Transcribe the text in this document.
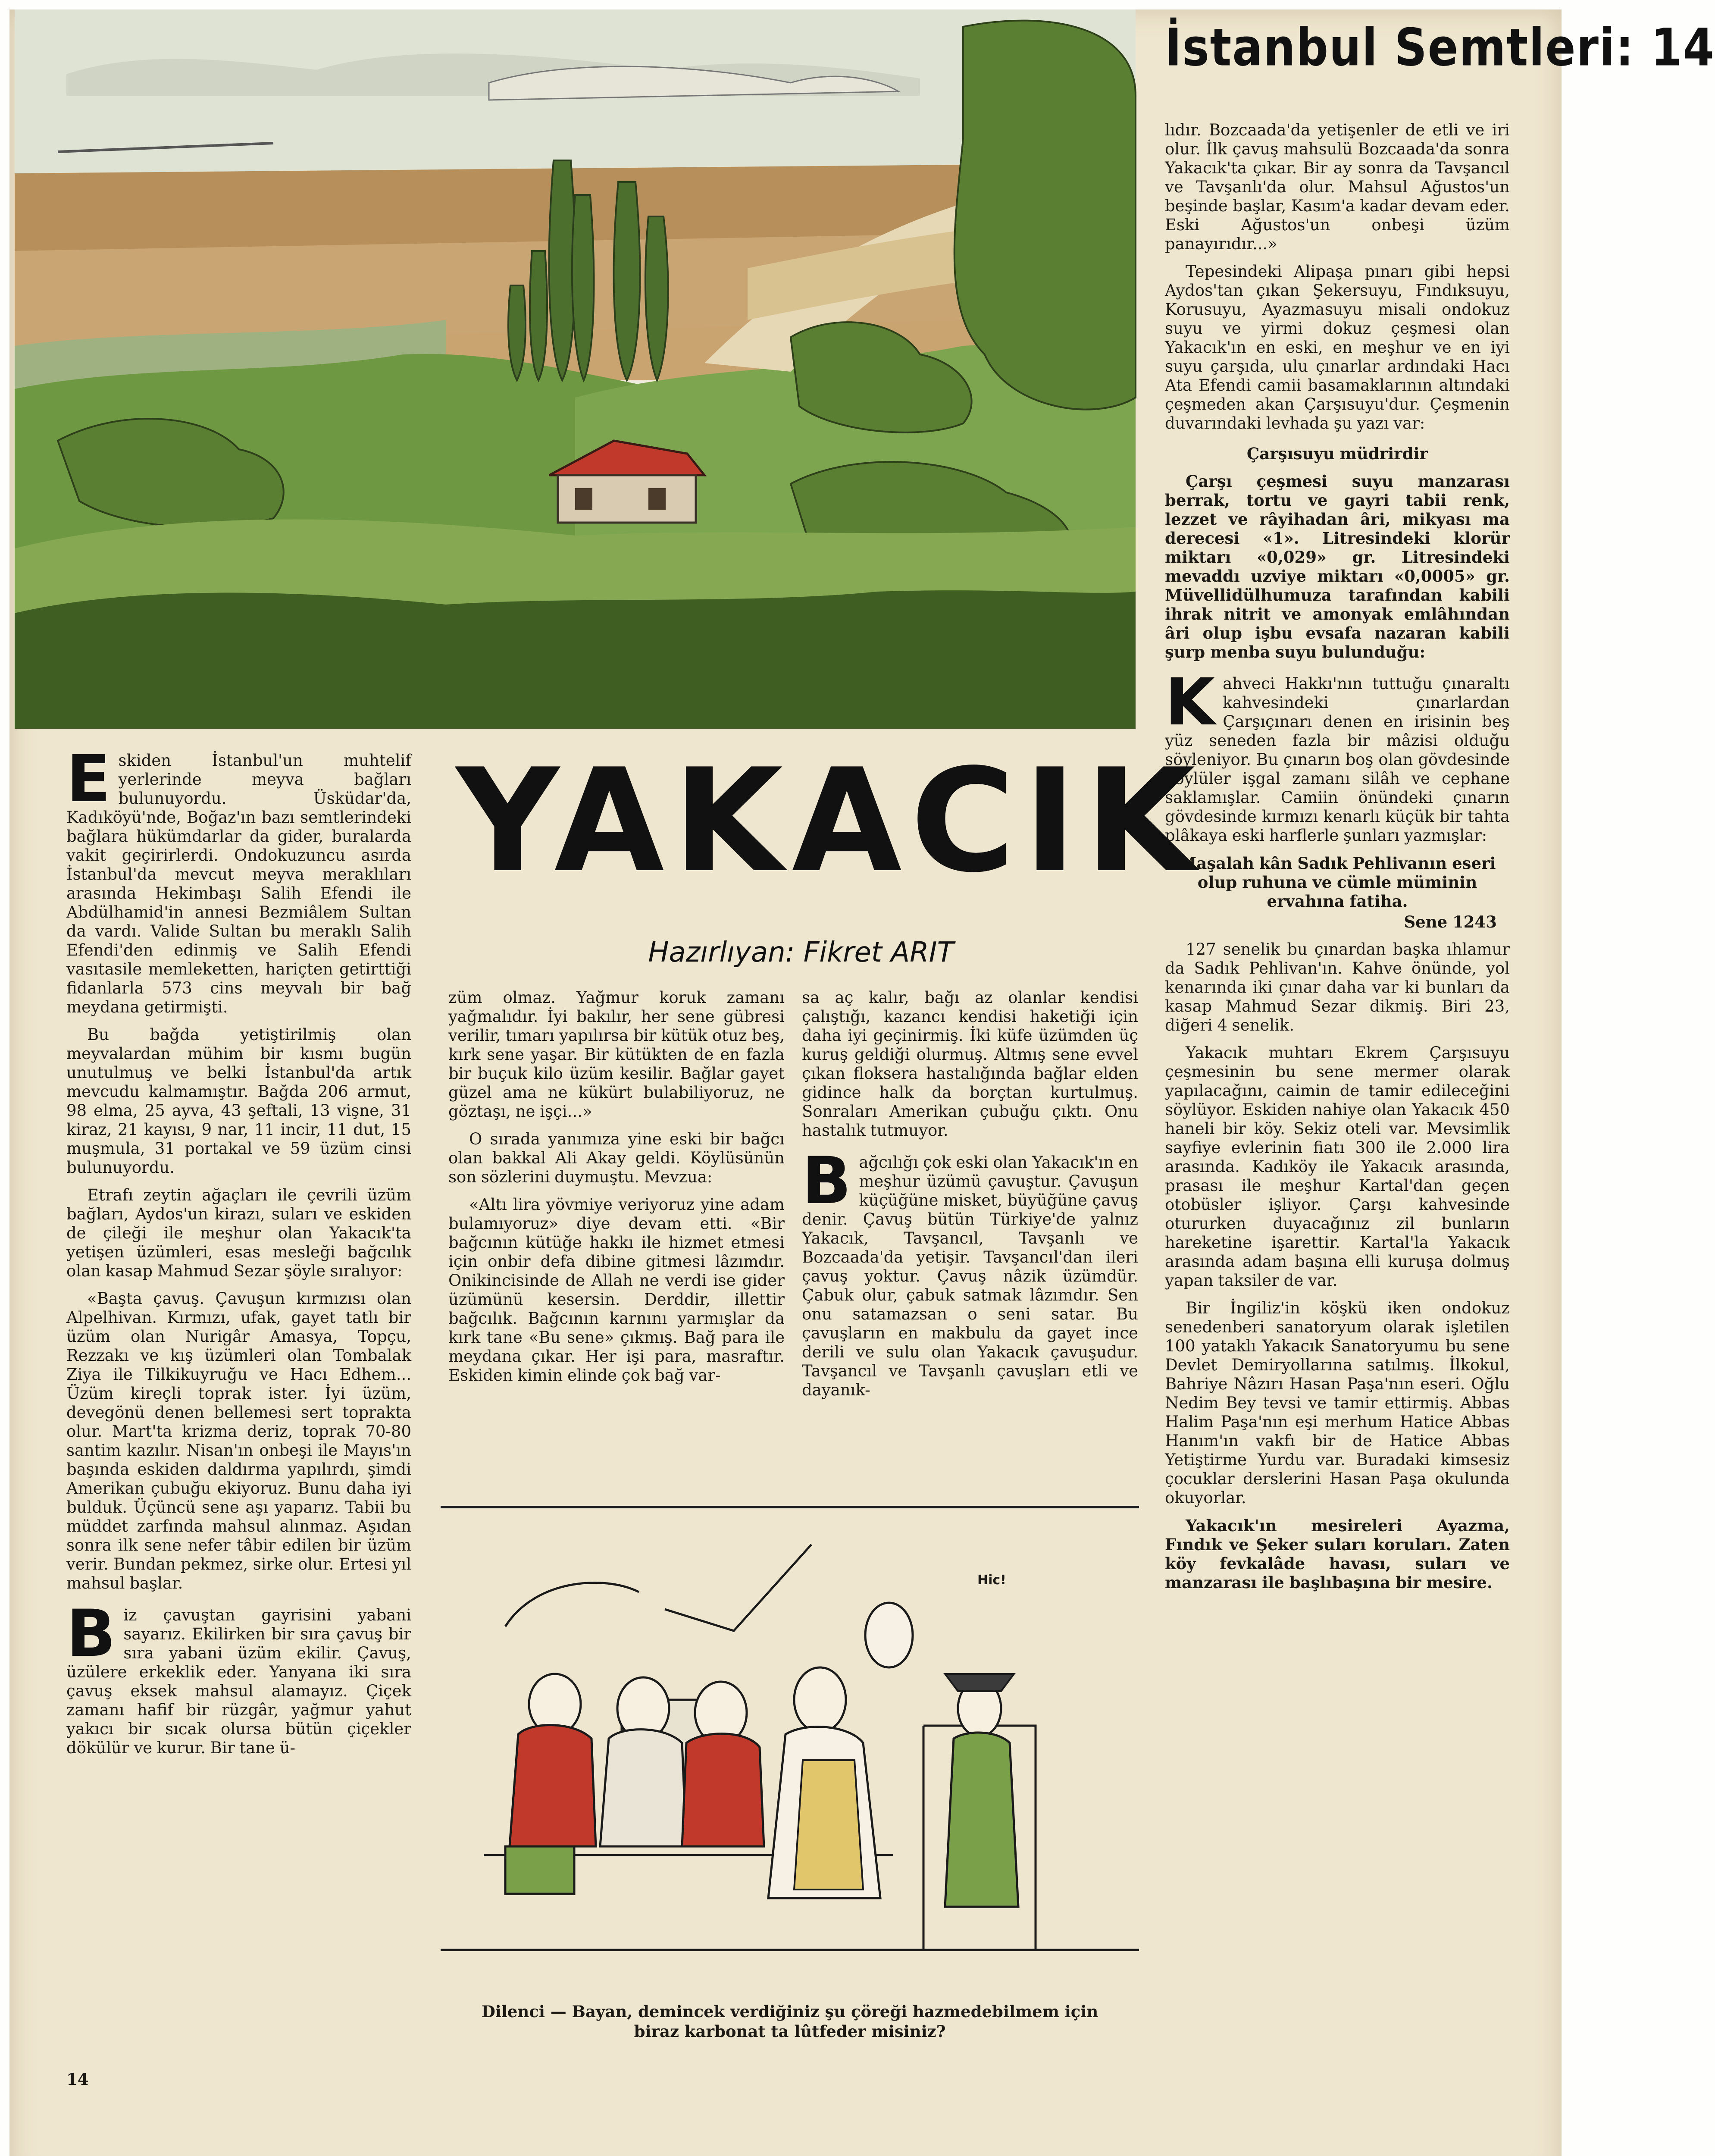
İstanbul Semtleri: 14

lıdır. Bozcaada'da yetişenler de etli ve iri olur. İlk çavuş mahsulü Bozcaada'da sonra Yakacık'ta çıkar. Bir ay sonra da Tavşancıl ve Tavşanlı'da olur. Mahsul Ağustos'un beşinde başlar, Kasım'a kadar devam eder. Eski Ağustos'un onbeşi üzüm panayırıdır...»

Tepesindeki Alipaşa pınarı gibi hepsi Aydos'tan çıkan Şekersuyu, Fındıksuyu, Korusuyu, Ayazmasuyu misali ondokuz suyu ve yirmi dokuz çeşmesi olan Yakacık'ın en eski, en meşhur ve en iyi suyu çarşıda, ulu çınarlar ardındaki Hacı Ata Efendi camii basamaklarının altındaki çeşmeden akan Çarşısuyu'dur. Çeşmenin duvarındaki levhada şu yazı var:

Çarşısuyu müdrirdir

Çarşı çeşmesi suyu manzarası berrak, tortu ve gayri tabii renk, lezzet ve râyihadan âri, mikyası ma derecesi «1». Litresindeki klorür miktarı «0,029» gr. Litresindeki mevaddı uzviye miktarı «0,0005» gr. Müvellidülhumuza tarafından kabili ihrak nitrit ve amonyak emlâhından âri olup işbu evsafa nazaran kabili şurp menba suyu bulunduğu:

Kahveci Hakkı'nın tuttuğu çınaraltı kahvesindeki çınarlardan Çarşıçınarı denen en irisinin beş yüz seneden fazla bir mâzisi olduğu söyleniyor. Bu çınarın boş olan gövdesinde köylüler işgal zamanı silâh ve cephane saklamışlar. Camiin önündeki çınarın gövdesinde kırmızı kenarlı küçük bir tahta plâkaya eski harflerle şunları yazmışlar:

Maşalah kân Sadık Pehlivanın eseri olup ruhuna ve cümle müminin ervahına fatiha.

Sene 1243

127 senelik bu çınardan başka ıhlamur da Sadık Pehlivan'ın. Kahve önünde, yol kenarında iki çınar daha var ki bunları da kasap Mahmud Sezar dikmiş. Biri 23, diğeri 4 senelik.

Yakacık muhtarı Ekrem Çarşısuyu çeşmesinin bu sene mermer olarak yapılacağını, caimin de tamir edileceğini söylüyor. Eskiden nahiye olan Yakacık 450 haneli bir köy. Sekiz oteli var. Mevsimlik sayfiye evlerinin fiatı 300 ile 2.000 lira arasında. Kadıköy ile Yakacık arasında, prasası ile meşhur Kartal'dan geçen otobüsler işliyor. Çarşı kahvesinde otururken duyacağınız zil bunların hareketine işarettir. Kartal'la Yakacık arasında adam başına elli kuruşa dolmuş yapan taksiler de var.

Bir İngiliz'in köşkü iken ondokuz senedenberi sanatoryum olarak işletilen 100 yataklı Yakacık Sanatoryumu bu sene Devlet Demiryollarına satılmış. İlkokul, Bahriye Nâzırı Hasan Paşa'nın eseri. Oğlu Nedim Bey tevsi ve tamir ettirmiş. Abbas Halim Paşa'nın eşi merhum Hatice Abbas Hanım'ın vakfı bir de Hatice Abbas Yetiştirme Yurdu var. Buradaki kimsesiz çocuklar derslerini Hasan Paşa okulunda okuyorlar.

Yakacık'ın mesireleri Ayazma, Fındık ve Şeker suları koruları. Zaten köy fevkalâde havası, suları ve manzarası ile başlıbaşına bir mesire.

YAKACIK
Hazırlıyan: Fikret ARIT

Eskiden İstanbul'un muhtelif yerlerinde meyva bağları bulunuyordu. Üsküdar'da, Kadıköyü'nde, Boğaz'ın bazı semtlerindeki bağlara hükümdarlar da gider, buralarda vakit geçirirlerdi. Ondokuzuncu asırda İstanbul'da mevcut meyva meraklıları arasında Hekimbaşı Salih Efendi ile Abdülhamid'in annesi Bezmiâlem Sultan da vardı. Valide Sultan bu meraklı Salih Efendi'den edinmiş ve Salih Efendi vasıtasile memleketten, hariçten getirttiği fidanlarla 573 cins meyvalı bir bağ meydana getirmişti.

Bu bağda yetiştirilmiş olan meyvalardan mühim bir kısmı bugün unutulmuş ve belki İstanbul'da artık mevcudu kalmamıştır. Bağda 206 armut, 98 elma, 25 ayva, 43 şeftali, 13 vişne, 31 kiraz, 21 kayısı, 9 nar, 11 incir, 11 dut, 15 muşmula, 31 portakal ve 59 üzüm cinsi bulunuyordu.

Etrafı zeytin ağaçları ile çevrili üzüm bağları, Aydos'un kirazı, suları ve eskiden de çileği ile meşhur olan Yakacık'ta yetişen üzümleri, esas mesleği bağcılık olan kasap Mahmud Sezar şöyle sıralıyor:

«Başta çavuş. Çavuşun kırmızısı olan Alpelhivan. Kırmızı, ufak, gayet tatlı bir üzüm olan Nurigâr Amasya, Topçu, Rezzakı ve kış üzümleri olan Tombalak Ziya ile Tilkikuyruğu ve Hacı Edhem... Üzüm kireçli toprak ister. İyi üzüm, devegönü denen bellemesi sert toprakta olur. Mart'ta krizma deriz, toprak 70-80 santim kazılır. Nisan'ın onbeşi ile Mayıs'ın başında eskiden daldırma yapılırdı, şimdi Amerikan çubuğu ekiyoruz. Bunu daha iyi bulduk. Üçüncü sene aşı yaparız. Tabii bu müddet zarfında mahsul alınmaz. Aşıdan sonra ilk sene nefer tâbir edilen bir üzüm verir. Bundan pekmez, sirke olur. Ertesi yıl mahsul başlar.

Biz çavuştan gayrisini yabani sayarız. Ekilirken bir sıra çavuş bir sıra yabani üzüm ekilir. Çavuş, üzülere erkeklik eder. Yanyana iki sıra çavuş eksek mahsul alamayız. Çiçek zamanı hafif bir rüzgâr, yağmur yahut yakıcı bir sıcak olursa bütün çiçekler dökülür ve kurur. Bir tane ü-

züm olmaz. Yağmur koruk zamanı yağmalıdır. İyi bakılır, her sene gübresi verilir, tımarı yapılırsa bir kütük otuz beş, kırk sene yaşar. Bir kütükten de en fazla bir buçuk kilo üzüm kesilir. Bağlar gayet güzel ama ne kükürt bulabiliyoruz, ne göztaşı, ne işçi...»

O sırada yanımıza yine eski bir bağcı olan bakkal Ali Akay geldi. Köylüsünün son sözlerini duymuştu. Mevzua:

«Altı lira yövmiye veriyoruz yine adam bulamıyoruz» diye devam etti. «Bir bağcının kütüğe hakkı ile hizmet etmesi için onbir defa dibine gitmesi lâzımdır. Onikincisinde de Allah ne verdi ise gider üzümünü kesersin. Derddir, illettir bağcılık. Bağcının karnını yarmışlar da kırk tane «Bu sene» çıkmış. Bağ para ile meydana çıkar. Her işi para, masraftır. Eskiden kimin elinde çok bağ var-

sa aç kalır, bağı az olanlar kendisi çalıştığı, kazancı kendisi haketiği için daha iyi geçinirmiş. İki küfe üzümden üç kuruş geldiği olurmuş. Altmış sene evvel çıkan floksera hastalığında bağlar elden gidince halk da borçtan kurtulmuş. Sonraları Amerikan çubuğu çıktı. Onu hastalık tutmuyor.

Bağcılığı çok eski olan Yakacık'ın en meşhur üzümü çavuştur. Çavuşun küçüğüne misket, büyüğüne çavuş denir. Çavuş bütün Türkiye'de yalnız Yakacık, Tavşancıl, Tavşanlı ve Bozcaada'da yetişir. Tavşancıl'dan ileri çavuş yoktur. Çavuş nâzik üzümdür. Çabuk olur, çabuk satmak lâzımdır. Sen onu satamazsan o seni satar. Bu çavuşların en makbulu da gayet ince derili ve sulu olan Yakacık çavuşudur. Tavşancıl ve Tavşanlı çavuşları etli ve dayanık-

Hic!
Dilenci — Bayan, demincek verdiğiniz şu çöreği hazmedebilmem için biraz karbonat ta lûtfeder misiniz?
14
